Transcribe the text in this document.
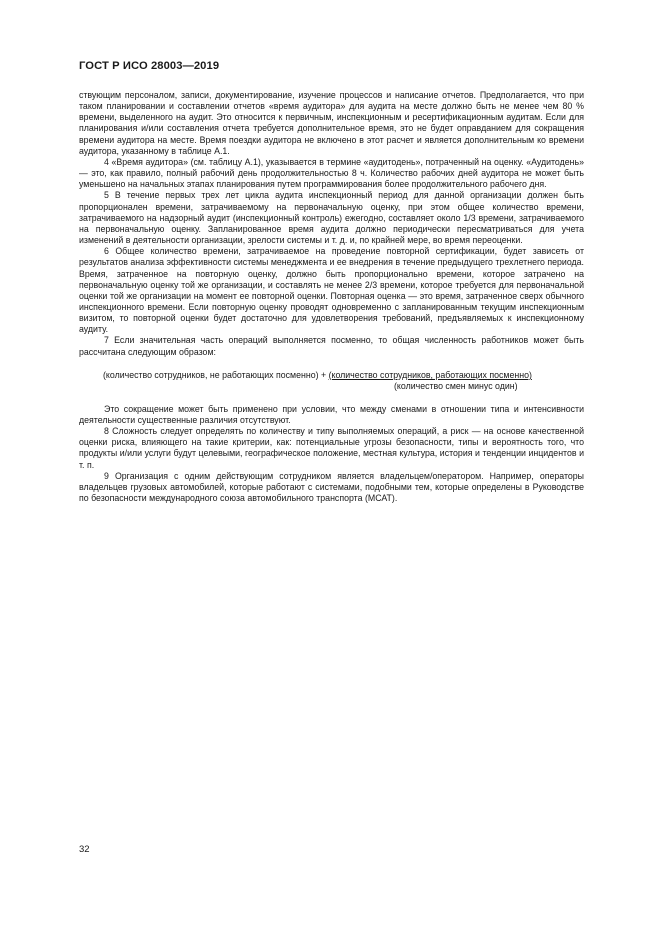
ГОСТ Р ИСО 28003—2019

ствующим персоналом, записи, документирование, изучение процессов и написание отчетов. Предполагается, что при таком планировании и составлении отчетов «время аудитора» для аудита на месте должно быть не менее чем 80 % времени, выделенного на аудит. Это относится к первичным, инспекционным и ресертификационным аудитам. Если для планирования и/или составления отчета требуется дополнительное время, это не будет оправданием для сокращения времени аудитора на месте. Время поездки аудитора не включено в этот расчет и является дополнительным ко времени аудитора, указанному в таблице А.1.

4 «Время аудитора» (см. таблицу А.1), указывается в термине «аудитодень», потраченный на оценку. «Аудитодень» — это, как правило, полный рабочий день продолжительностью 8 ч. Количество рабочих дней аудитора не может быть уменьшено на начальных этапах планирования путем программирования более продолжительного рабочего дня.

5 В течение первых трех лет цикла аудита инспекционный период для данной организации должен быть пропорционален времени, затрачиваемому на первоначальную оценку, при этом общее количество времени, затрачиваемого на надзорный аудит (инспекционный контроль) ежегодно, составляет около 1/3 времени, затрачиваемого на первоначальную оценку. Запланированное время аудита должно периодически пересматриваться для учета изменений в деятельности организации, зрелости системы и т. д. и, по крайней мере, во время переоценки.

6 Общее количество времени, затрачиваемое на проведение повторной сертификации, будет зависеть от результатов анализа эффективности системы менеджмента и ее внедрения в течение предыдущего трехлетнего периода. Время, затраченное на повторную оценку, должно быть пропорционально времени, которое затрачено на первоначальную оценку той же организации, и составлять не менее 2/3 времени, которое требуется для первоначальной оценки той же организации на момент ее повторной оценки. Повторная оценка — это время, затраченное сверх обычного инспекционного времени. Если повторную оценку проводят одновременно с запланированным текущим инспекционным визитом, то повторной оценки будет достаточно для удовлетворения требований, предъявляемых к инспекционному аудиту.

7 Если значительная часть операций выполняется посменно, то общая численность работников может быть рассчитана следующим образом:

(количество сотрудников, не работающих посменно) + (количество сотрудников, работающих посменно)
(количество смен минус один)

Это сокращение может быть применено при условии, что между сменами в отношении типа и интенсивности деятельности существенные различия отсутствуют.

8 Сложность следует определять по количеству и типу выполняемых операций, а риск — на основе качественной оценки риска, влияющего на такие критерии, как: потенциальные угрозы безопасности, типы и вероятность того, что продукты и/или услуги будут целевыми, географическое положение, местная культура, история и тенденции инцидентов и т. п.

9 Организация с одним действующим сотрудником является владельцем/оператором. Например, операторы владельцев грузовых автомобилей, которые работают с системами, подобными тем, которые определены в Руководстве по безопасности международного союза автомобильного транспорта (МСАТ).

32
